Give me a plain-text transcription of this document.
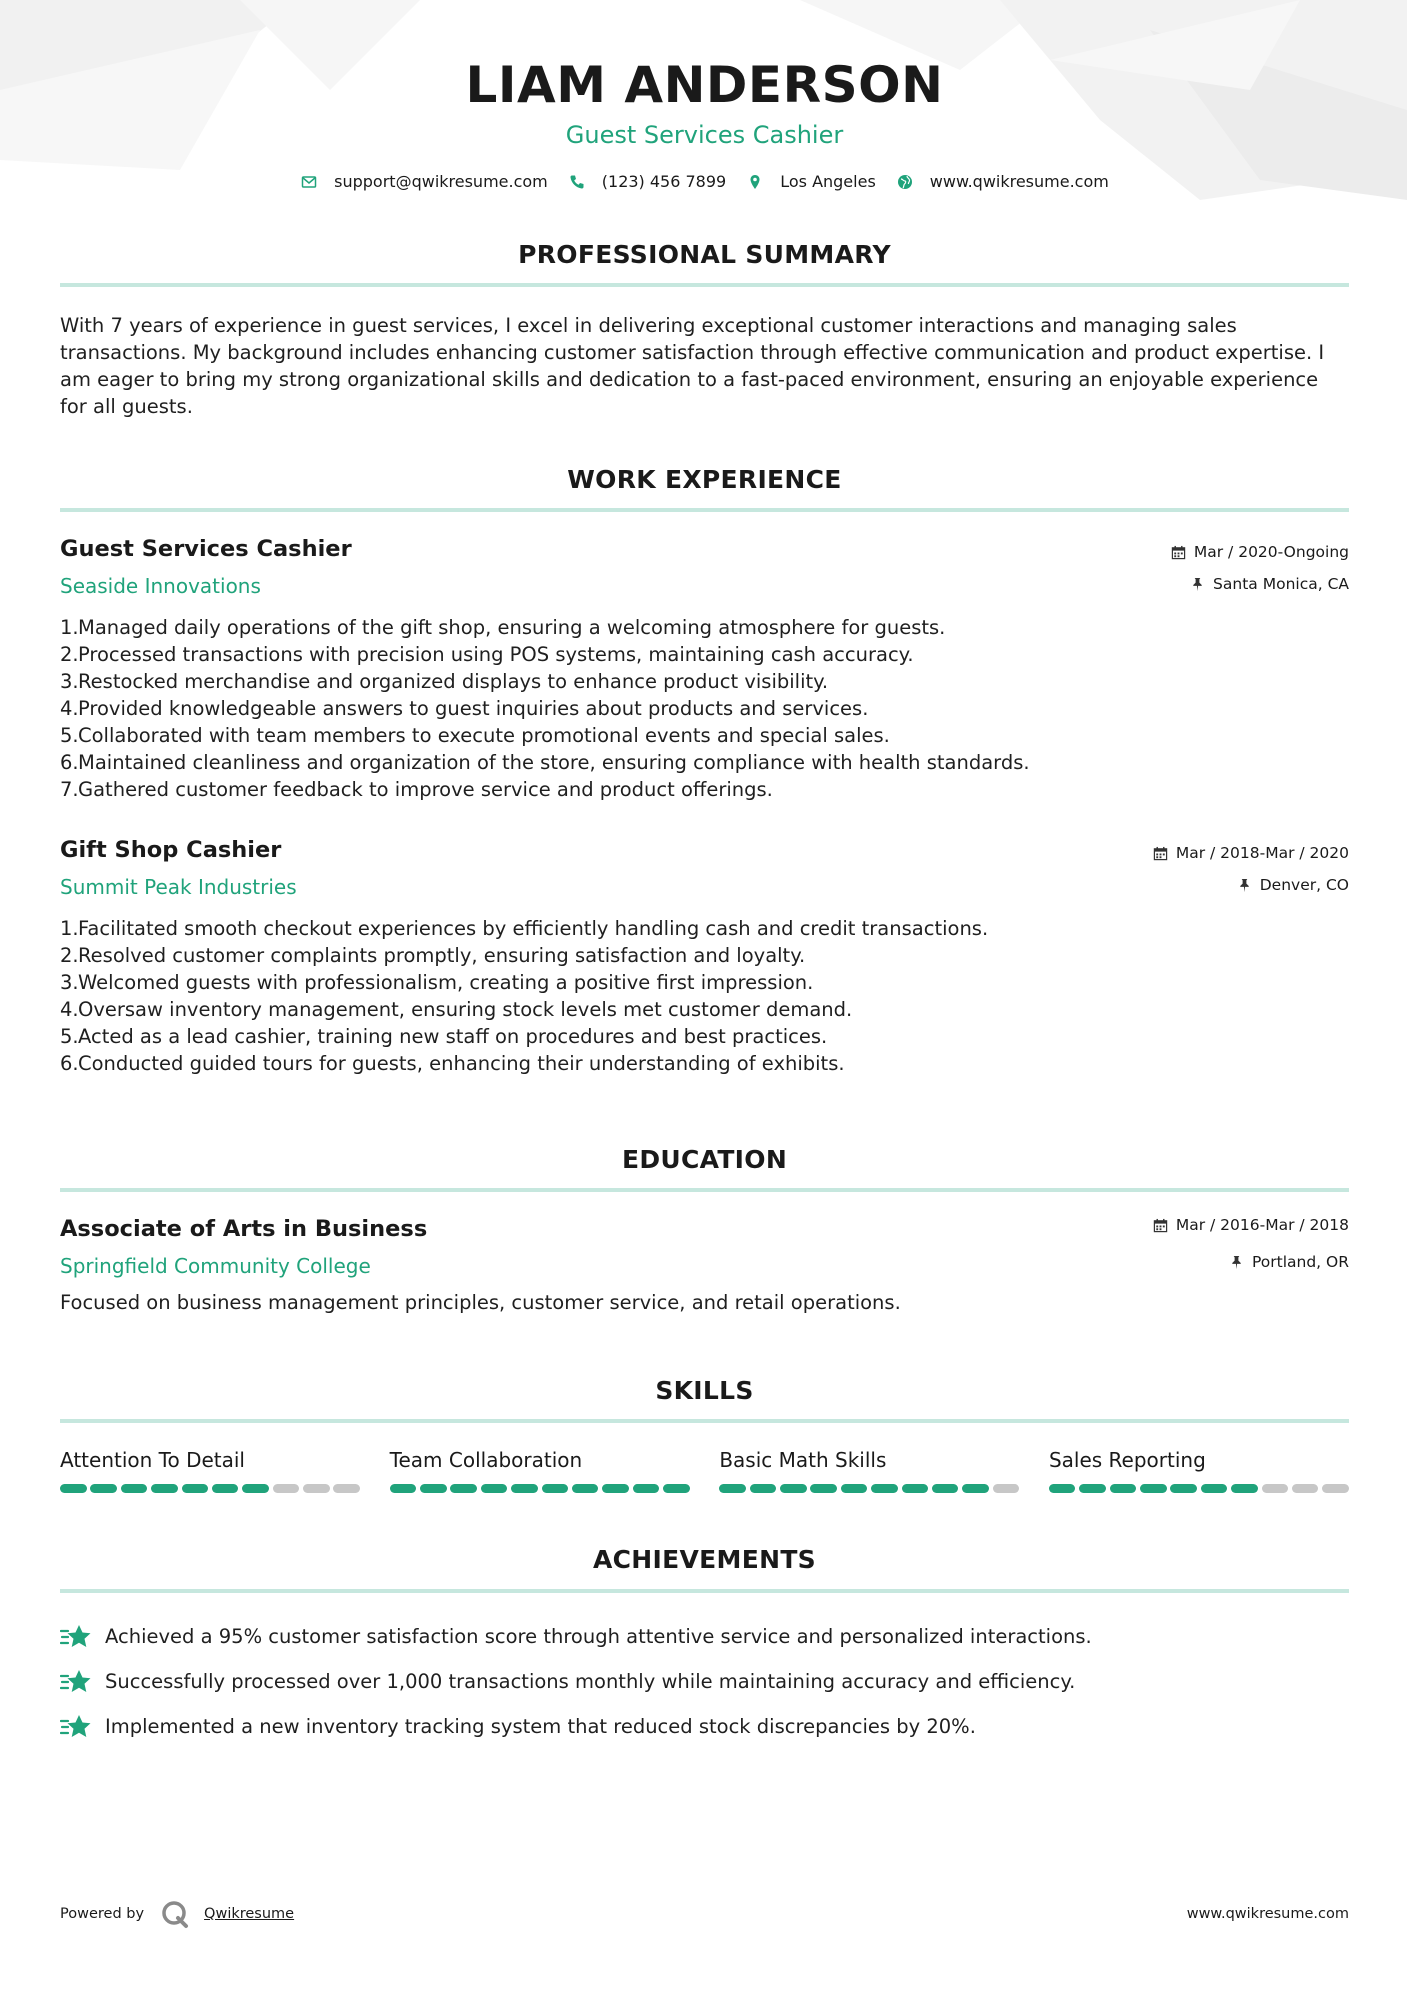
LIAM ANDERSON
Guest Services Cashier
support@qwikresume.com	(123) 456 7899	Los Angeles	www.qwikresume.com
PROFESSIONAL SUMMARY
With 7 years of experience in guest services, I excel in delivering exceptional customer interactions and managing sales transactions. My background includes enhancing customer satisfaction through effective communication and product expertise. I am eager to bring my strong organizational skills and dedication to a fast-paced environment, ensuring an enjoyable experience for all guests.
WORK EXPERIENCE
Guest Services Cashier
Seaside Innovations
Mar / 2020-Ongoing
Santa Monica, CA
1. Managed daily operations of the gift shop, ensuring a welcoming atmosphere for guests.
2. Processed transactions with precision using POS systems, maintaining cash accuracy.
3. Restocked merchandise and organized displays to enhance product visibility.
4. Provided knowledgeable answers to guest inquiries about products and services.
5. Collaborated with team members to execute promotional events and special sales.
6. Maintained cleanliness and organization of the store, ensuring compliance with health standards.
7. Gathered customer feedback to improve service and product offerings.
Gift Shop Cashier
Summit Peak Industries
Mar / 2018-Mar / 2020
Denver, CO
1. Facilitated smooth checkout experiences by efficiently handling cash and credit transactions.
2. Resolved customer complaints promptly, ensuring satisfaction and loyalty.
3. Welcomed guests with professionalism, creating a positive first impression.
4. Oversaw inventory management, ensuring stock levels met customer demand.
5. Acted as a lead cashier, training new staff on procedures and best practices.
6. Conducted guided tours for guests, enhancing their understanding of exhibits.
EDUCATION
Associate of Arts in Business
Springfield Community College
Mar / 2016-Mar / 2018
Portland, OR
Focused on business management principles, customer service, and retail operations.
SKILLS
Attention To Detail	Team Collaboration	Basic Math Skills	Sales Reporting
ACHIEVEMENTS
Achieved a 95% customer satisfaction score through attentive service and personalized interactions.
Successfully processed over 1,000 transactions monthly while maintaining accuracy and efficiency.
Implemented a new inventory tracking system that reduced stock discrepancies by 20%.
Powered by	Qwikresume	www.qwikresume.com
